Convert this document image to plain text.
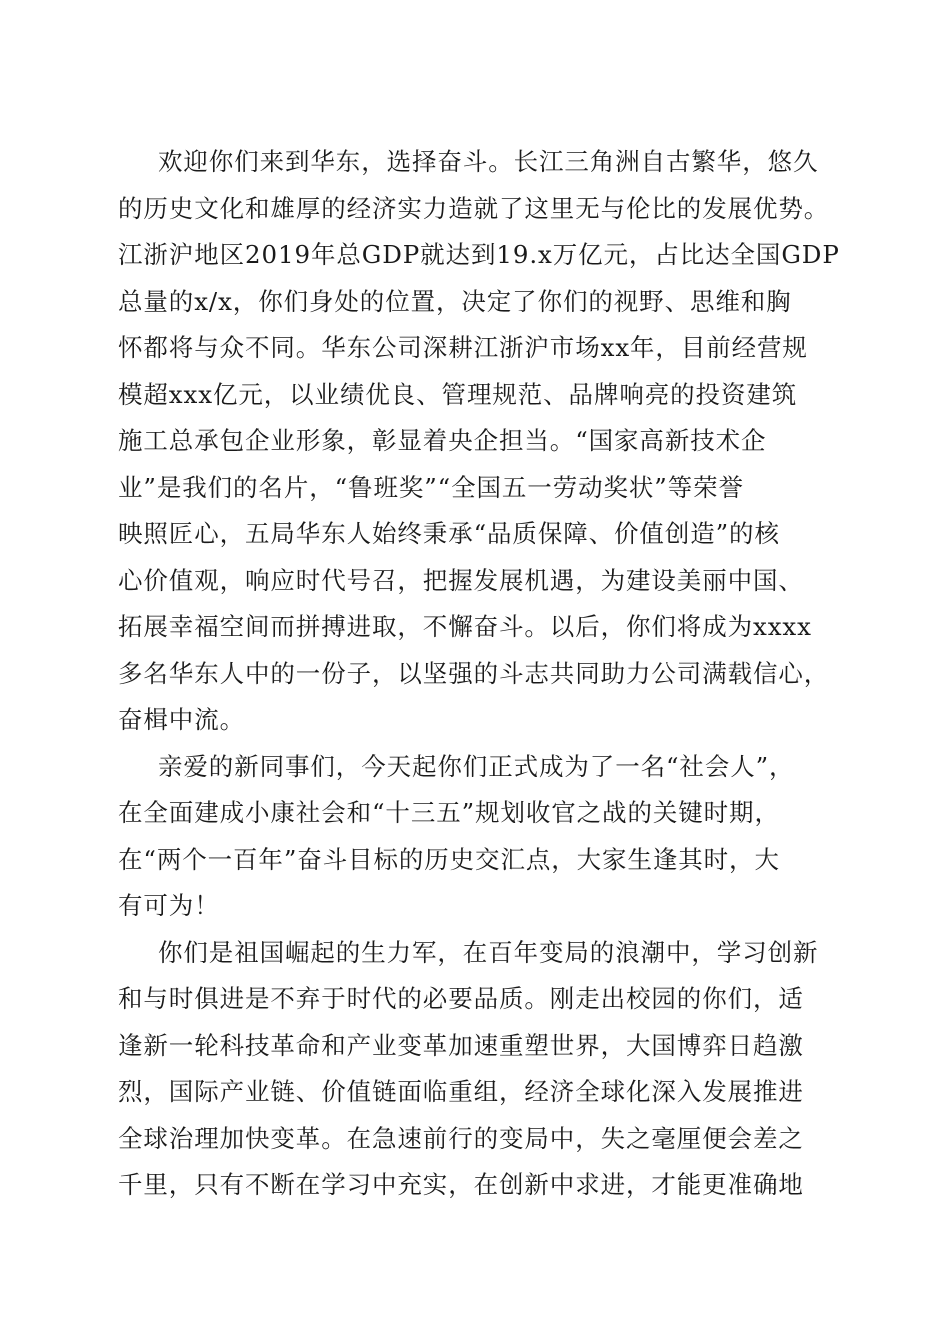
欢迎你们来到华东，选择奋斗。长江三角洲自古繁华，悠久
的历史文化和雄厚的经济实力造就了这里无与伦比的发展优势。
江浙沪地区2019年总GDP就达到19.x万亿元，占比达全国GDP
总量的x/x，你们身处的位置，决定了你们的视野、思维和胸
怀都将与众不同。华东公司深耕江浙沪市场xx年，目前经营规
模超xxx亿元，以业绩优良、管理规范、品牌响亮的投资建筑
施工总承包企业形象，彰显着央企担当。“国家高新技术企
业”是我们的名片，“鲁班奖”“全国五一劳动奖状”等荣誉
映照匠心，五局华东人始终秉承“品质保障、价值创造”的核
心价值观，响应时代号召，把握发展机遇，为建设美丽中国、
拓展幸福空间而拼搏进取，不懈奋斗。以后，你们将成为xxxx
多名华东人中的一份子，以坚强的斗志共同助力公司满载信心，
奋楫中流。
亲爱的新同事们，今天起你们正式成为了一名“社会人”，
在全面建成小康社会和“十三五”规划收官之战的关键时期，
在“两个一百年”奋斗目标的历史交汇点，大家生逢其时，大
有可为！
你们是祖国崛起的生力军，在百年变局的浪潮中，学习创新
和与时俱进是不弃于时代的必要品质。刚走出校园的你们，适
逢新一轮科技革命和产业变革加速重塑世界，大国博弈日趋激
烈，国际产业链、价值链面临重组，经济全球化深入发展推进
全球治理加快变革。在急速前行的变局中，失之毫厘便会差之
千里，只有不断在学习中充实，在创新中求进，才能更准确地
